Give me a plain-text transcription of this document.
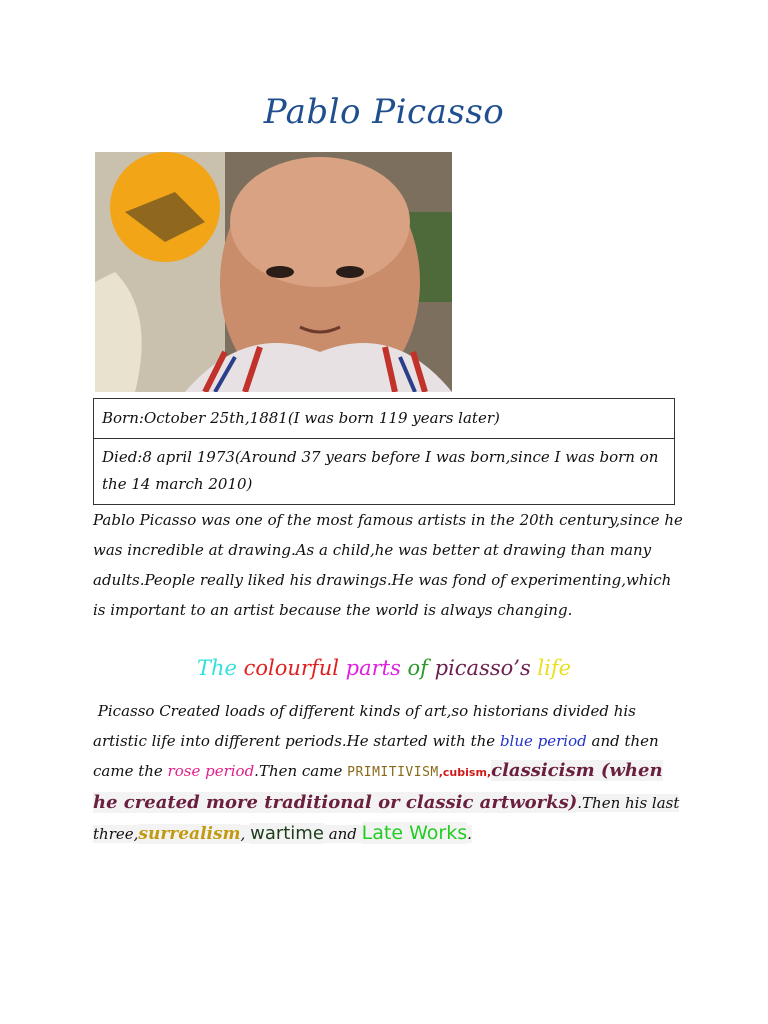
Pablo Picasso
Born:October 25th,1881(I was born 119 years later)
Died:8 april 1973(Around 37 years before I was born,since I was born on the 14 march 2010)
Pablo Picasso was one of the most famous artists in the 20th century,since he was incredible at drawing.As a child,he was better at drawing than many adults.People really liked his drawings.He was fond of experimenting,which is important to an artist because the world is always changing.
The colourful parts of picasso’s life
Picasso Created loads of different kinds of art,so historians divided his artistic life into different periods.He started with the blue period and then came the rose period.Then came PRIMITIVISM,cubism,classicism (when he created more traditional or classic artworks).Then his last three,surrealism, wartime and Late Works.
